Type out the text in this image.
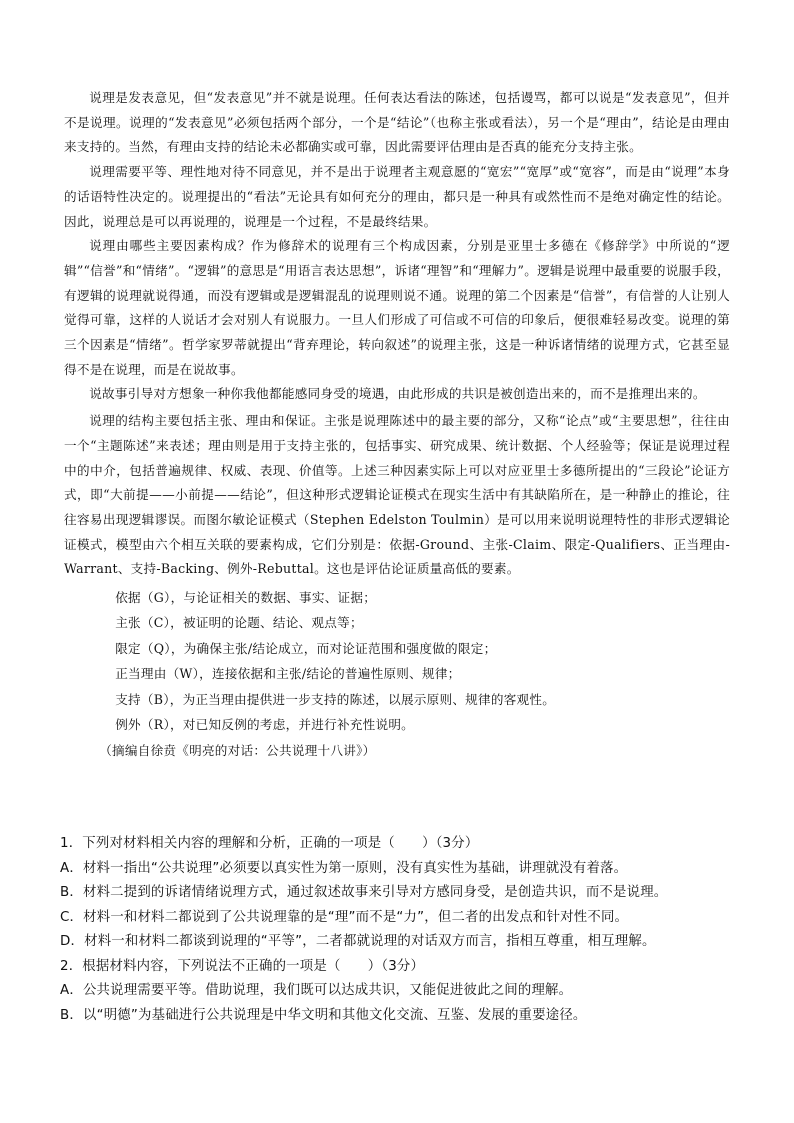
说理是发表意见，但“发表意见”并不就是说理。任何表达看法的陈述，包括谩骂，都可以说是“发表意见”，但并不是说理。说理的“发表意见”必须包括两个部分，一个是“结论”（也称主张或看法），另一个是“理由”，结论是由理由来支持的。当然，有理由支持的结论未必都确实或可靠，因此需要评估理由是否真的能充分支持主张。

说理需要平等、理性地对待不同意见，并不是出于说理者主观意愿的“宽宏”“宽厚”或“宽容”，而是由“说理”本身的话语特性决定的。说理提出的“看法”无论具有如何充分的理由，都只是一种具有或然性而不是绝对确定性的结论。因此，说理总是可以再说理的，说理是一个过程，不是最终结果。

说理由哪些主要因素构成？作为修辞术的说理有三个构成因素，分别是亚里士多德在《修辞学》中所说的“逻辑”“信誉”和“情绪”。“逻辑”的意思是“用语言表达思想”，诉诸“理智”和“理解力”。逻辑是说理中最重要的说服手段，有逻辑的说理就说得通，而没有逻辑或是逻辑混乱的说理则说不通。说理的第二个因素是“信誉”，有信誉的人让别人觉得可靠，这样的人说话才会对别人有说服力。一旦人们形成了可信或不可信的印象后，便很难轻易改变。说理的第三个因素是“情绪”。哲学家罗蒂就提出“背弃理论，转向叙述”的说理主张，这是一种诉诸情绪的说理方式，它甚至显得不是在说理，而是在说故事。

说故事引导对方想象一种你我他都能感同身受的境遇，由此形成的共识是被创造出来的，而不是推理出来的。

说理的结构主要包括主张、理由和保证。主张是说理陈述中的最主要的部分，又称“论点”或“主要思想”，往往由一个“主题陈述”来表述；理由则是用于支持主张的，包括事实、研究成果、统计数据、个人经验等；保证是说理过程中的中介，包括普遍规律、权威、表现、价值等。上述三种因素实际上可以对应亚里士多德所提出的“三段论”论证方式，即“大前提——小前提——结论”，但这种形式逻辑论证模式在现实生活中有其缺陷所在，是一种静止的推论，往往容易出现逻辑谬误。而图尔敏论证模式（Stephen Edelston Toulmin）是可以用来说明说理特性的非形式逻辑论证模式，模型由六个相互关联的要素构成，它们分别是：依据-Ground、主张-Claim、限定-Qualifiers、正当理由-Warrant、支持-Backing、例外-Rebuttal。这也是评估论证质量高低的要素。

依据（G），与论证相关的数据、事实、证据；

主张（C），被证明的论题、结论、观点等；

限定（Q），为确保主张/结论成立，而对论证范围和强度做的限定；

正当理由（W），连接依据和主张/结论的普遍性原则、规律；

支持（B），为正当理由提供进一步支持的陈述，以展示原则、规律的客观性。

例外（R），对已知反例的考虑，并进行补充性说明。

（摘编自徐贲《明亮的对话：公共说理十八讲》）

1．下列对材料相关内容的理解和分析，正确的一项是（　　）（3分）

A．材料一指出“公共说理”必须要以真实性为第一原则，没有真实性为基础，讲理就没有着落。

B．材料二提到的诉诸情绪说理方式，通过叙述故事来引导对方感同身受，是创造共识，而不是说理。

C．材料一和材料二都说到了公共说理靠的是“理”而不是“力”，但二者的出发点和针对性不同。

D．材料一和材料二都谈到说理的“平等”，二者都就说理的对话双方而言，指相互尊重，相互理解。

2．根据材料内容，下列说法不正确的一项是（　　）（3分）

A．公共说理需要平等。借助说理，我们既可以达成共识，又能促进彼此之间的理解。

B．以“明德”为基础进行公共说理是中华文明和其他文化交流、互鉴、发展的重要途径。
